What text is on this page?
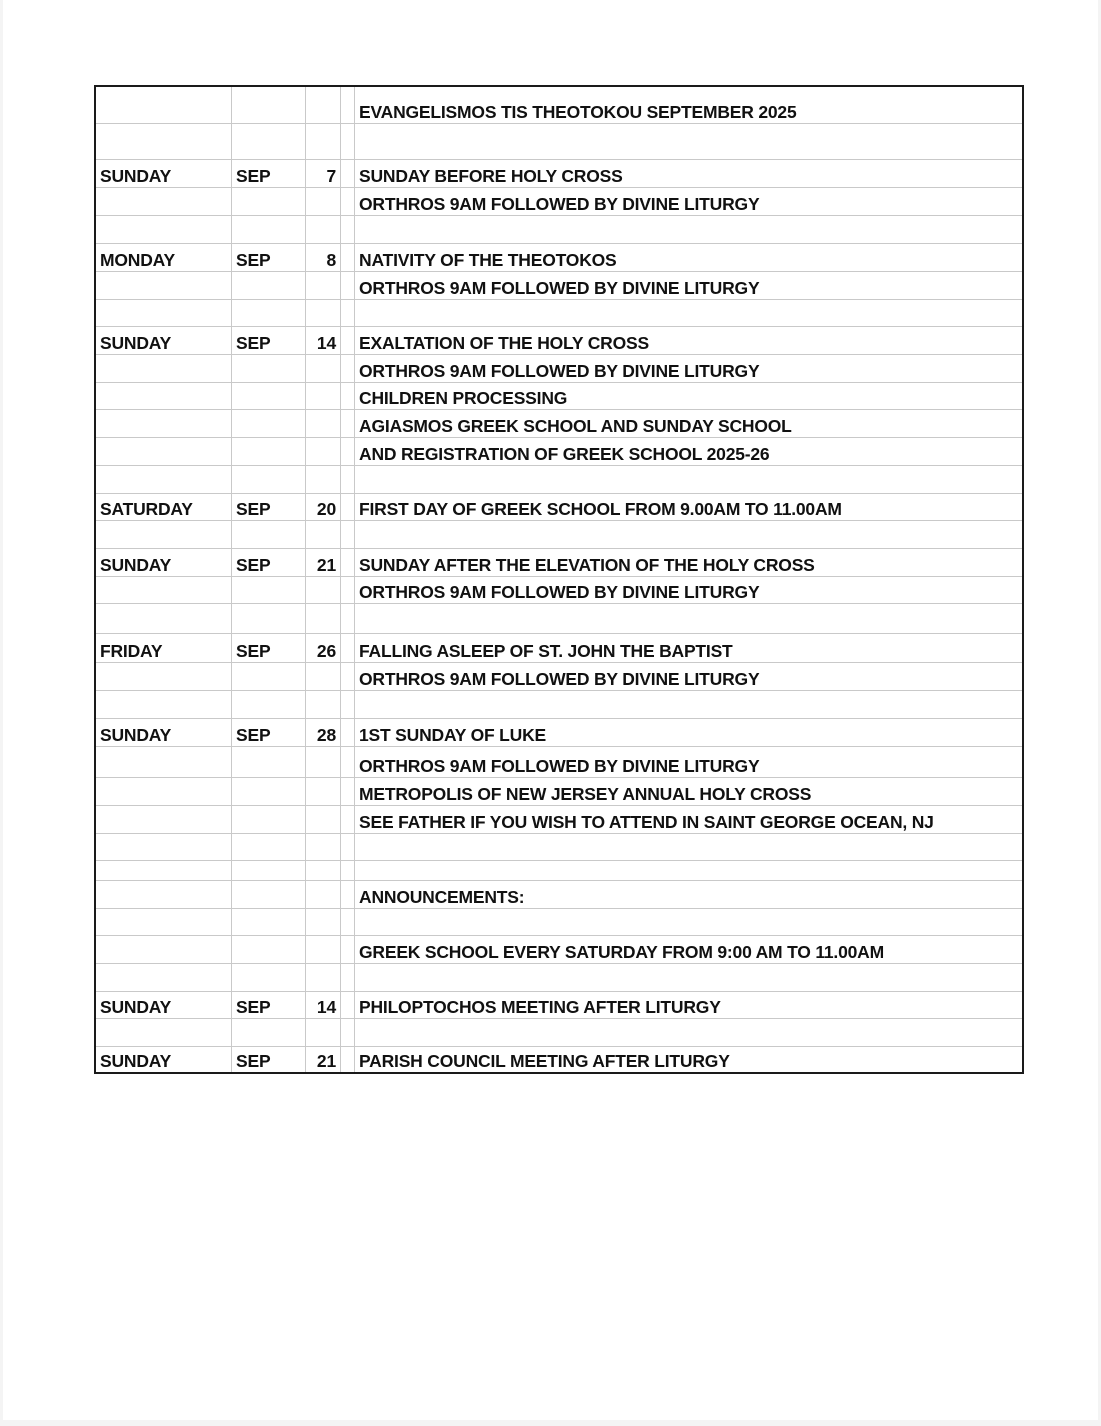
				EVANGELISMOS TIS THEOTOKOU SEPTEMBER 2025

SUNDAY	SEP	7		SUNDAY BEFORE HOLY CROSS
				ORTHROS 9AM FOLLOWED BY DIVINE LITURGY

MONDAY	SEP	8		NATIVITY OF THE THEOTOKOS
				ORTHROS 9AM FOLLOWED BY DIVINE LITURGY

SUNDAY	SEP	14		EXALTATION OF THE HOLY CROSS
				ORTHROS 9AM FOLLOWED BY DIVINE LITURGY
				CHILDREN PROCESSING
				AGIASMOS GREEK SCHOOL AND SUNDAY SCHOOL
				AND REGISTRATION OF GREEK SCHOOL 2025-26

SATURDAY	SEP	20		FIRST DAY OF GREEK SCHOOL FROM 9.00AM TO 11.00AM

SUNDAY	SEP	21		SUNDAY AFTER THE ELEVATION OF THE HOLY CROSS
				ORTHROS 9AM FOLLOWED BY DIVINE LITURGY

FRIDAY	SEP	26		FALLING ASLEEP OF ST. JOHN THE BAPTIST
				ORTHROS 9AM FOLLOWED BY DIVINE LITURGY

SUNDAY	SEP	28		1ST SUNDAY OF LUKE
				ORTHROS 9AM FOLLOWED BY DIVINE LITURGY
				METROPOLIS OF NEW JERSEY ANNUAL HOLY CROSS
				SEE FATHER IF YOU WISH TO ATTEND IN SAINT GEORGE OCEAN, NJ

				ANNOUNCEMENTS:

				GREEK SCHOOL EVERY SATURDAY FROM 9:00 AM TO 11.00AM

SUNDAY	SEP	14		PHILOPTOCHOS MEETING AFTER LITURGY

SUNDAY	SEP	21		PARISH COUNCIL MEETING AFTER LITURGY
